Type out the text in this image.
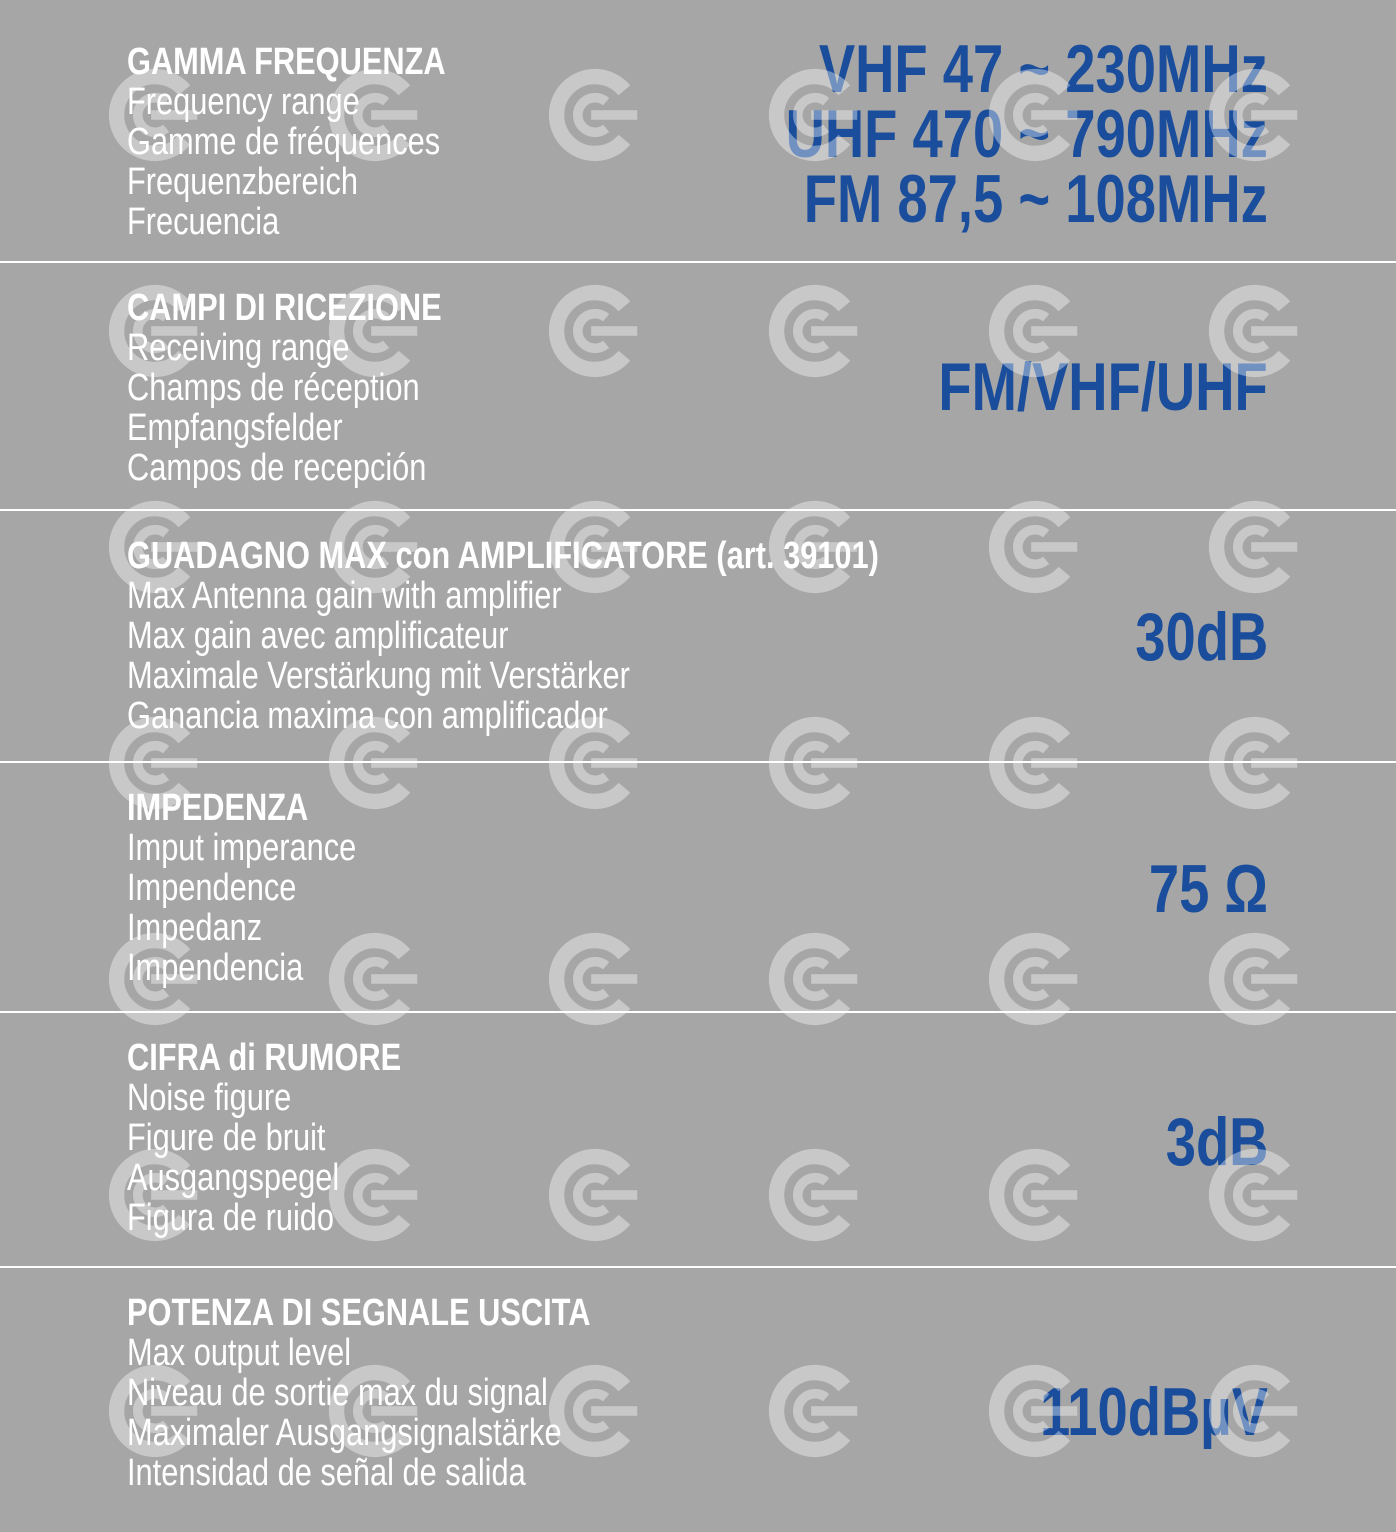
GAMMA FREQUENZA
Frequency range
Gamme de fréquences
Frequenzbereich
Frecuencia
VHF 47 ~ 230MHz
UHF 470 ~ 790MHz
FM 87,5 ~ 108MHz
CAMPI DI RICEZIONE
Receiving range
Champs de réception
Empfangsfelder
Campos de recepción
FM/VHF/UHF
GUADAGNO MAX con AMPLIFICATORE (art. 39101)
Max Antenna gain with amplifier
Max gain avec amplificateur
Maximale Verstärkung mit Verstärker
Ganancia maxima con amplificador
30dB
IMPEDENZA
Imput imperance
Impendence
Impedanz
Impendencia
75 Ω
CIFRA di RUMORE
Noise figure
Figure de bruit
Ausgangspegel
Figura de ruido
3dB
POTENZA DI SEGNALE USCITA
Max output level
Niveau de sortie max du signal
Maximaler Ausgangsignalstärke
Intensidad de señal de salida
110dBµV
